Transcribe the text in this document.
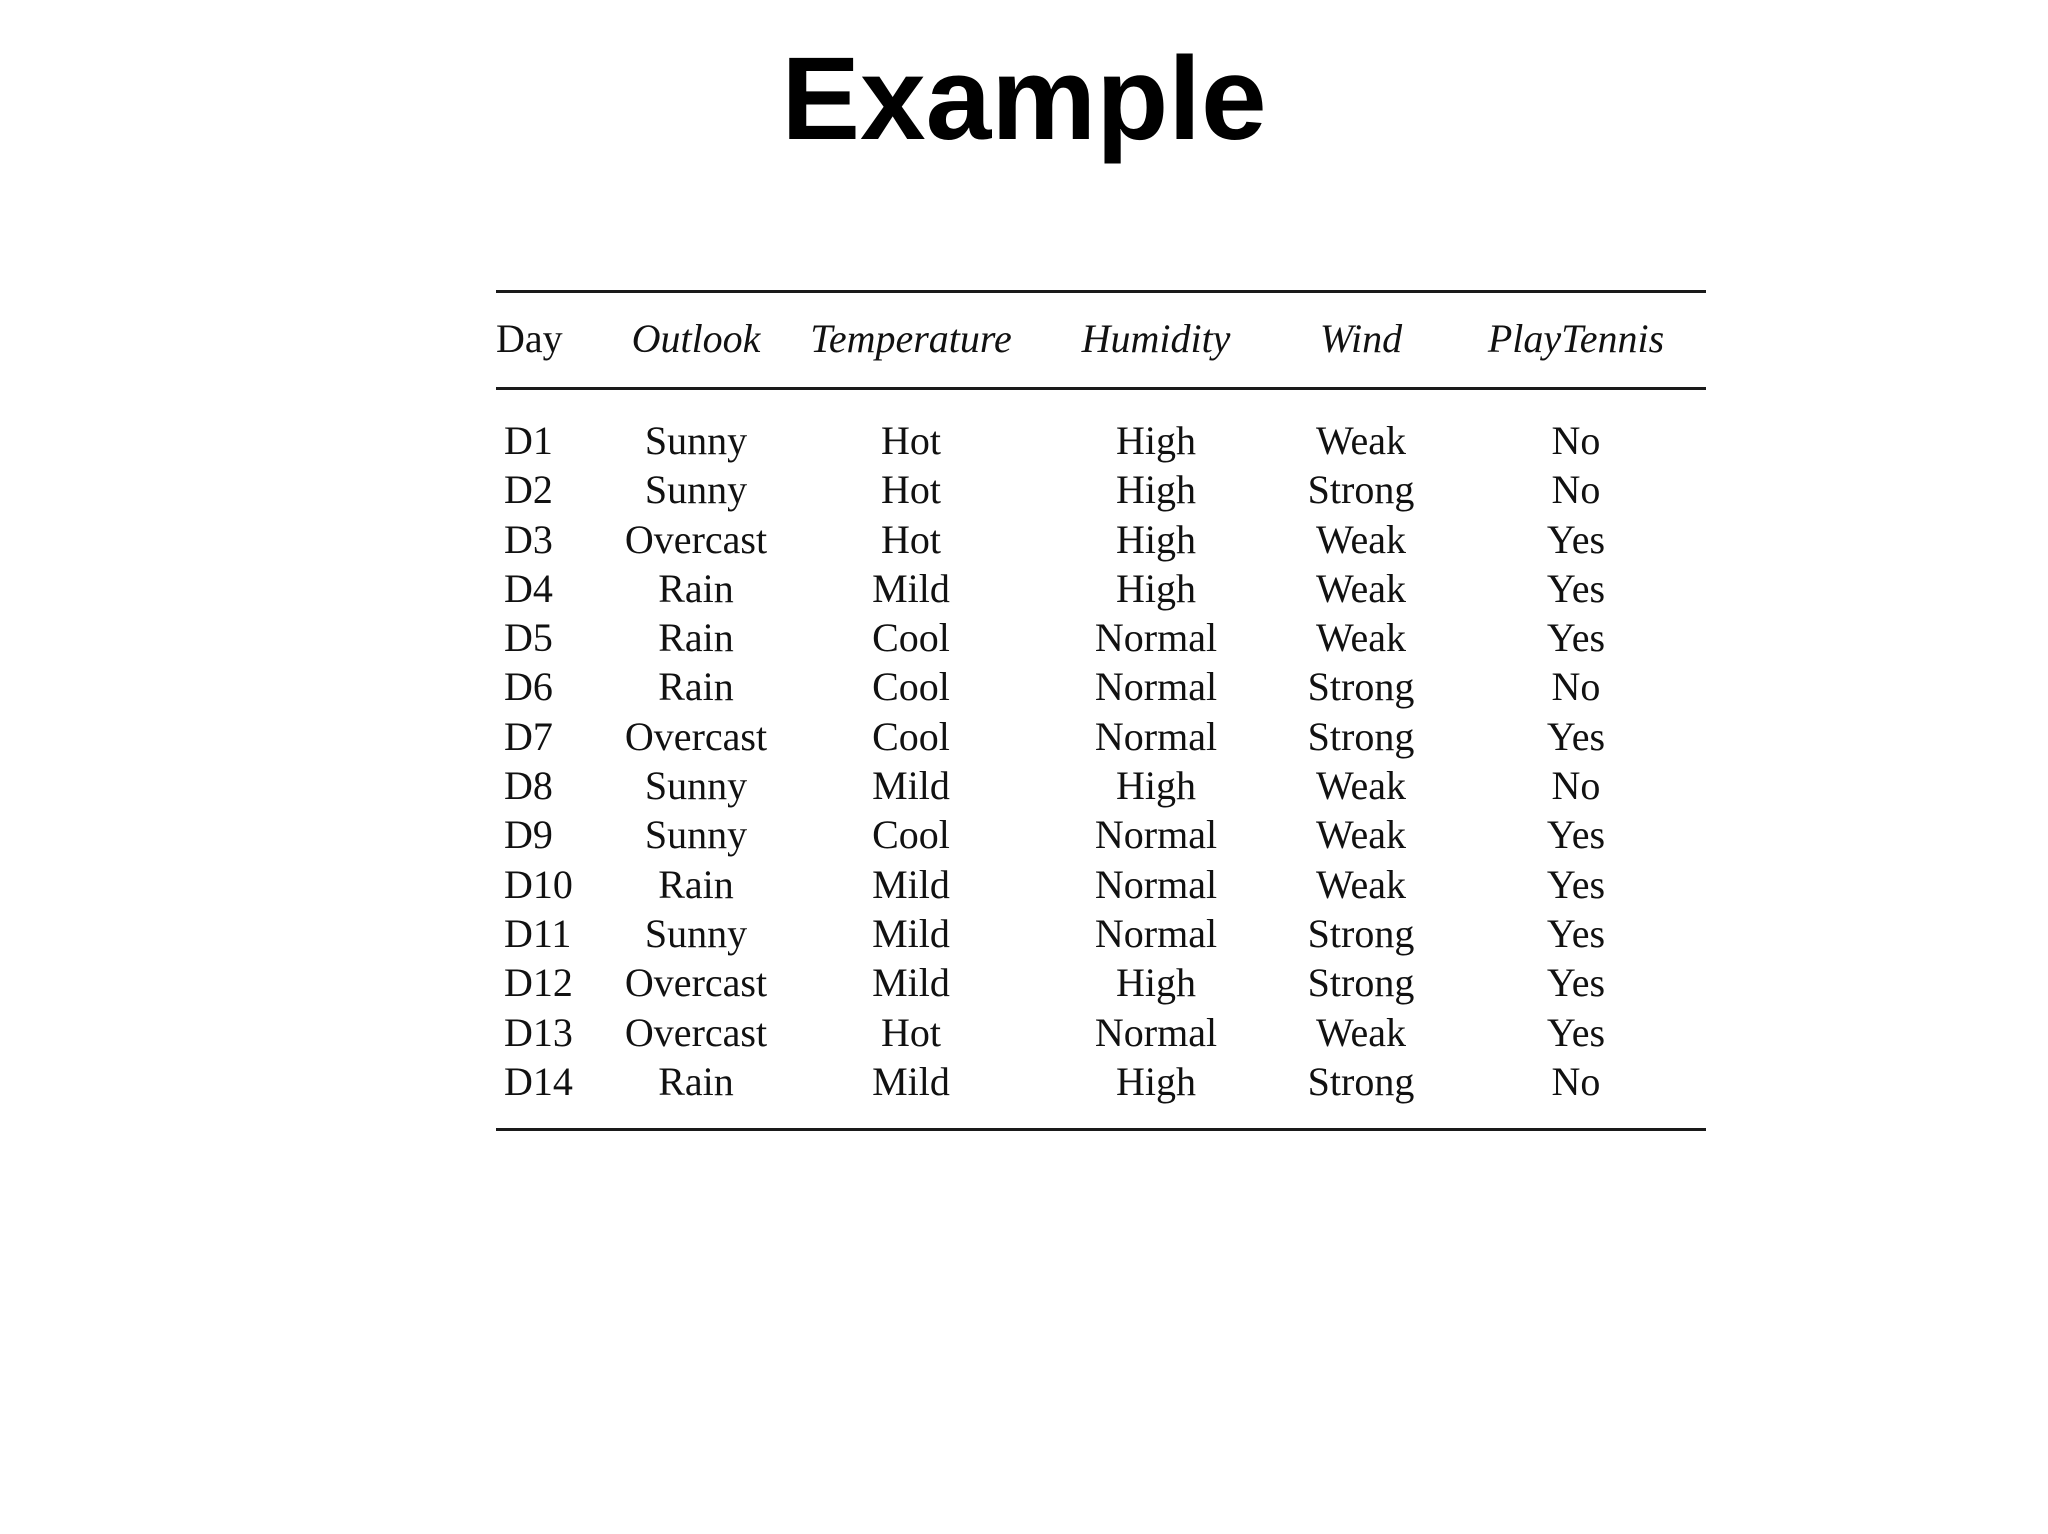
Example
Day	Outlook	Temperature	Humidity	Wind	PlayTennis
D1	Sunny	Hot	High	Weak	No
D2	Sunny	Hot	High	Strong	No
D3	Overcast	Hot	High	Weak	Yes
D4	Rain	Mild	High	Weak	Yes
D5	Rain	Cool	Normal	Weak	Yes
D6	Rain	Cool	Normal	Strong	No
D7	Overcast	Cool	Normal	Strong	Yes
D8	Sunny	Mild	High	Weak	No
D9	Sunny	Cool	Normal	Weak	Yes
D10	Rain	Mild	Normal	Weak	Yes
D11	Sunny	Mild	Normal	Strong	Yes
D12	Overcast	Mild	High	Strong	Yes
D13	Overcast	Hot	Normal	Weak	Yes
D14	Rain	Mild	High	Strong	No
